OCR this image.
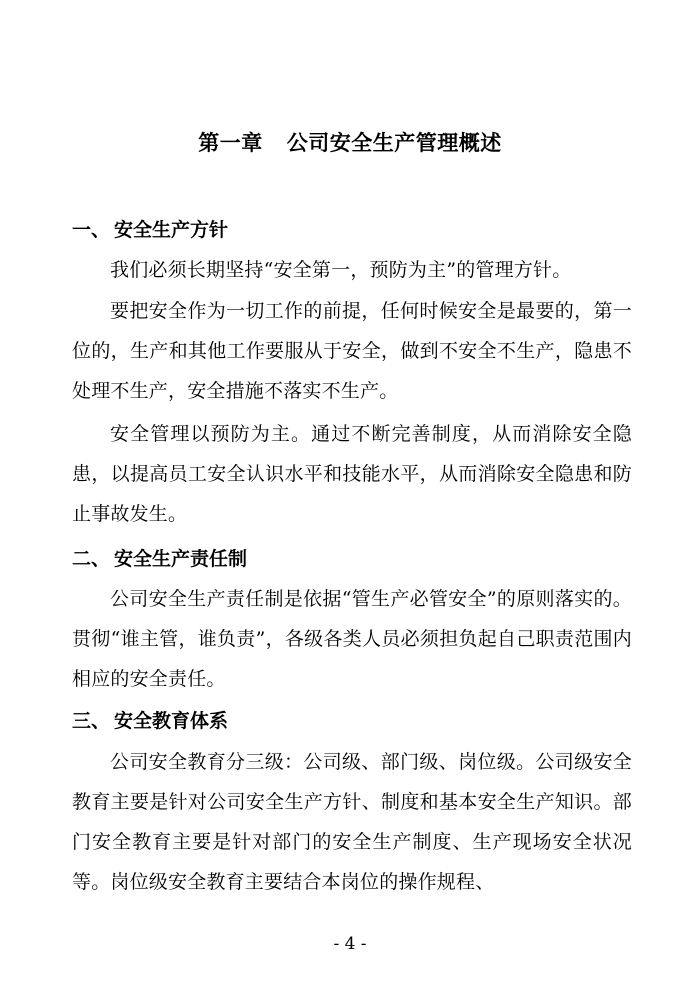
第一章 公司安全生产管理概述
一、 安全生产方针

我们必须长期坚持“安全第一，预防为主”的管理方针。

要把安全作为一切工作的前提，任何时候安全是最要的，第一位的，生产和其他工作要服从于安全，做到不安全不生产，隐患不处理不生产，安全措施不落实不生产。

安全管理以预防为主。通过不断完善制度，从而消除安全隐患，以提高员工安全认识水平和技能水平，从而消除安全隐患和防止事故发生。

二、 安全生产责任制

公司安全生产责任制是依据“管生产必管安全”的原则落实的。贯彻“谁主管，谁负责”，各级各类人员必须担负起自己职责范围内相应的安全责任。

三、 安全教育体系

公司安全教育分三级：公司级、部门级、岗位级。公司级安全教育主要是针对公司安全生产方针、制度和基本安全生产知识。部门安全教育主要是针对部门的安全生产制度、生产现场安全状况等。岗位级安全教育主要结合本岗位的操作规程、

- 4 -
